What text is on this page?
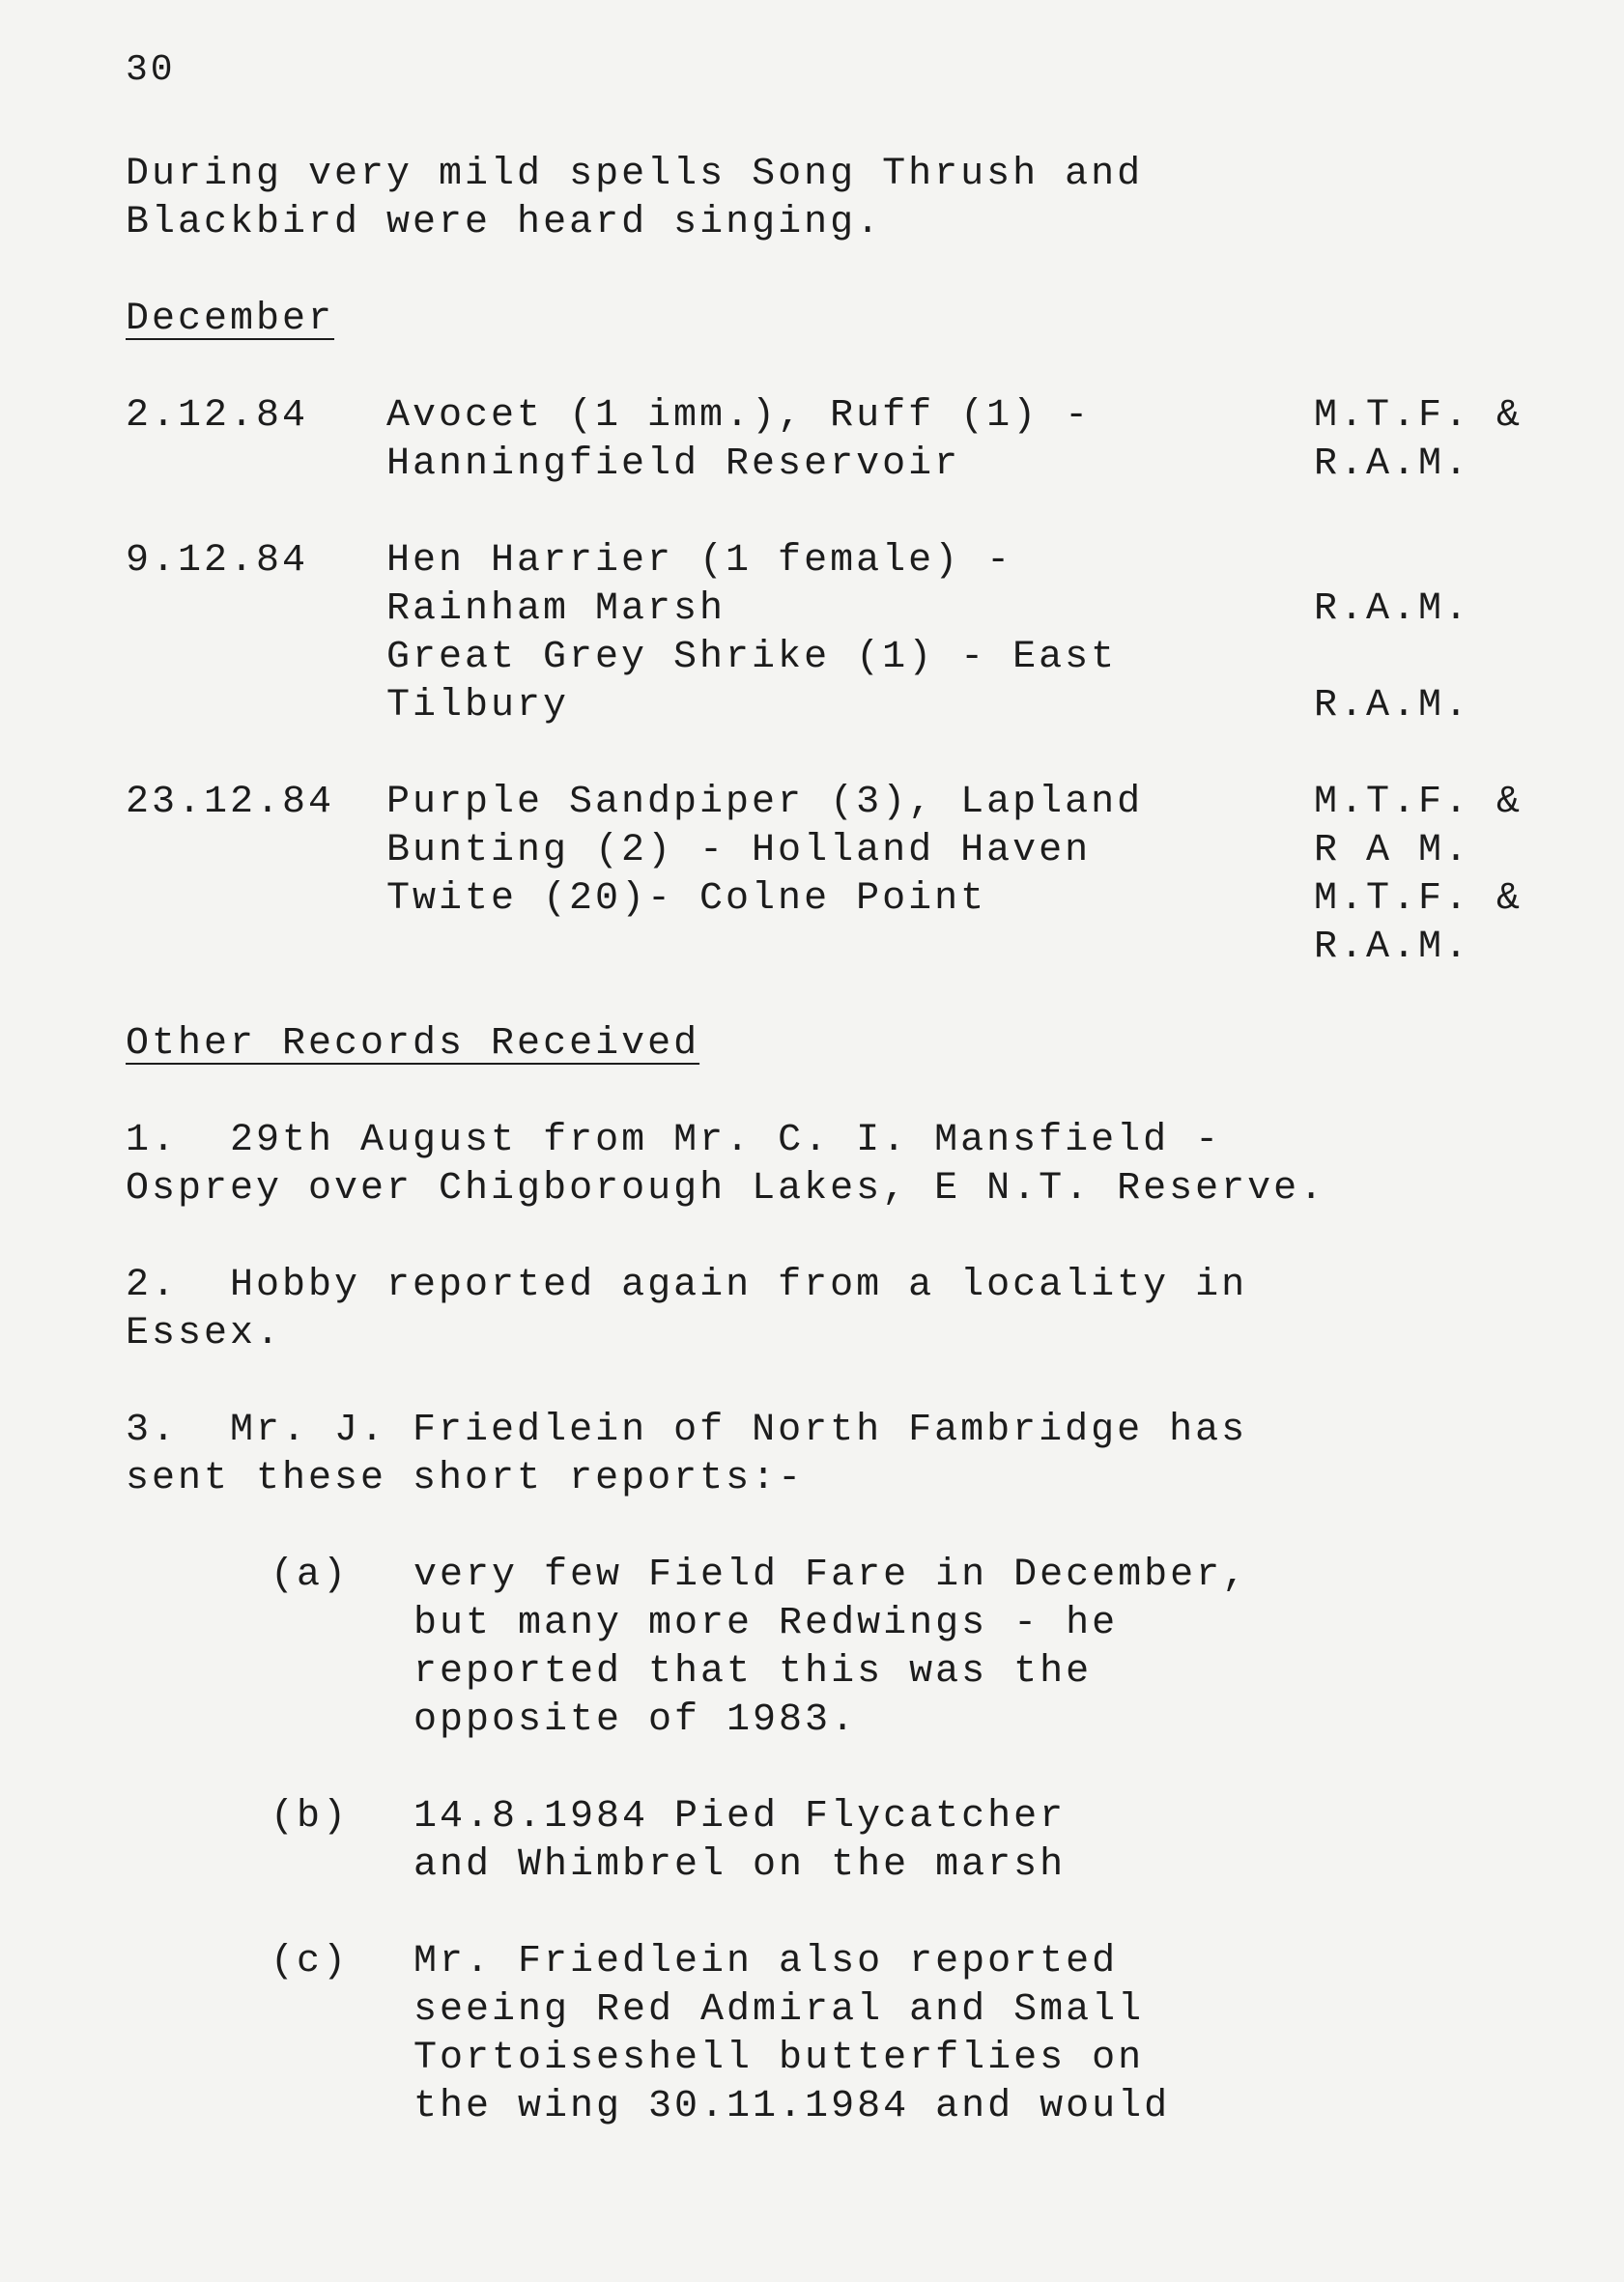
30
During very mild spells Song Thrush and
Blackbird were heard singing.
December
2.12.84 Avocet (1 imm.), Ruff (1) -
Hanningfield Reservoir
M.T.F. &
R.A.M.
9.12.84 Hen Harrier (1 female) -
Rainham Marsh
Great Grey Shrike (1) - East
Tilbury
R.A.M.
R.A.M.
23.12.84 Purple Sandpiper (3), Lapland
Bunting (2) - Holland Haven
Twite (20)- Colne Point
M.T.F. &
R A M.
M.T.F. &
R.A.M.
Other Records Received
1.  29th August from Mr. C. I. Mansfield -
Osprey over Chigborough Lakes, E N.T. Reserve.
2.  Hobby reported again from a locality in
Essex.
3.  Mr. J. Friedlein of North Fambridge has
sent these short reports:-
(a) very few Field Fare in December,
but many more Redwings - he
reported that this was the
opposite of 1983.
(b) 14.8.1984 Pied Flycatcher
and Whimbrel on the marsh
(c) Mr. Friedlein also reported
seeing Red Admiral and Small
Tortoiseshell butterflies on
the wing 30.11.1984 and would
